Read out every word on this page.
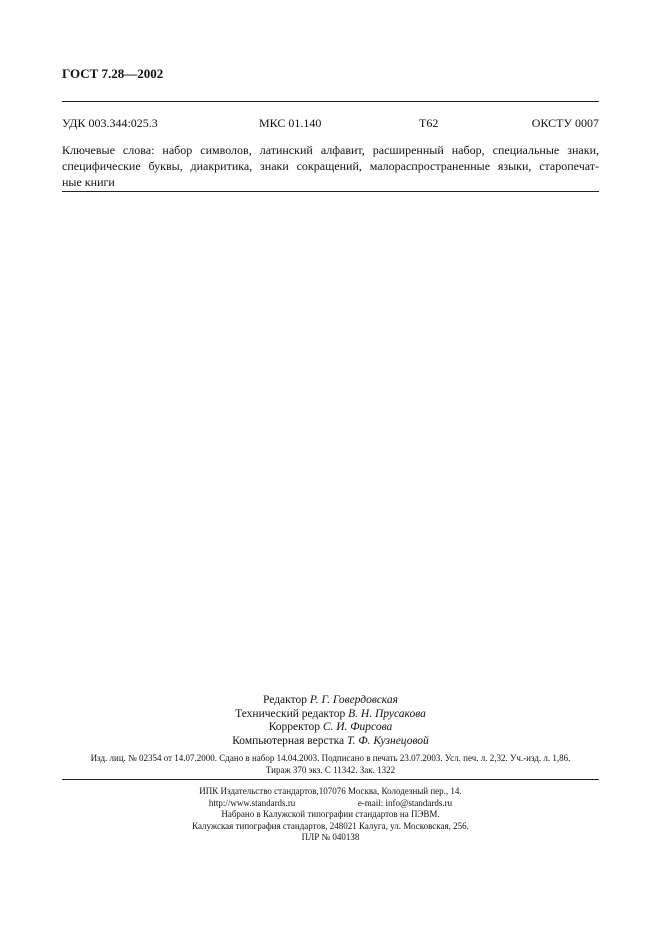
ГОСТ 7.28—2002
УДК 003.344:025.3	МКС 01.140	Т62	ОКСТУ 0007
Ключевые слова: набор символов, латинский алфавит, расширенный набор, специальные знаки,
специфические буквы, диакритика, знаки сокращений, малораспространенные языки, старопечат-
ные книги
Редактор Р. Г. Говердовская
Технический редактор В. Н. Прусакова
Корректор С. И. Фирсова
Компьютерная верстка Т. Ф. Кузнецовой
Изд. лиц. № 02354 от 14.07.2000. Сдано в набор 14.04.2003. Подписано в печать 23.07.2003. Усл. печ. л. 2,32. Уч.-изд. л. 1,86.
Тираж 370 экз. С 11342. Зак. 1322
ИПК Издательство стандартов,107076 Москва, Колодезный пер., 14.
http://www.standards.ru	e-mail: info@standards.ru
Набрано в Калужской типографии стандартов на ПЭВМ.
Калужская типография стандартов, 248021 Калуга, ул. Московская, 256.
ПЛР № 040138
